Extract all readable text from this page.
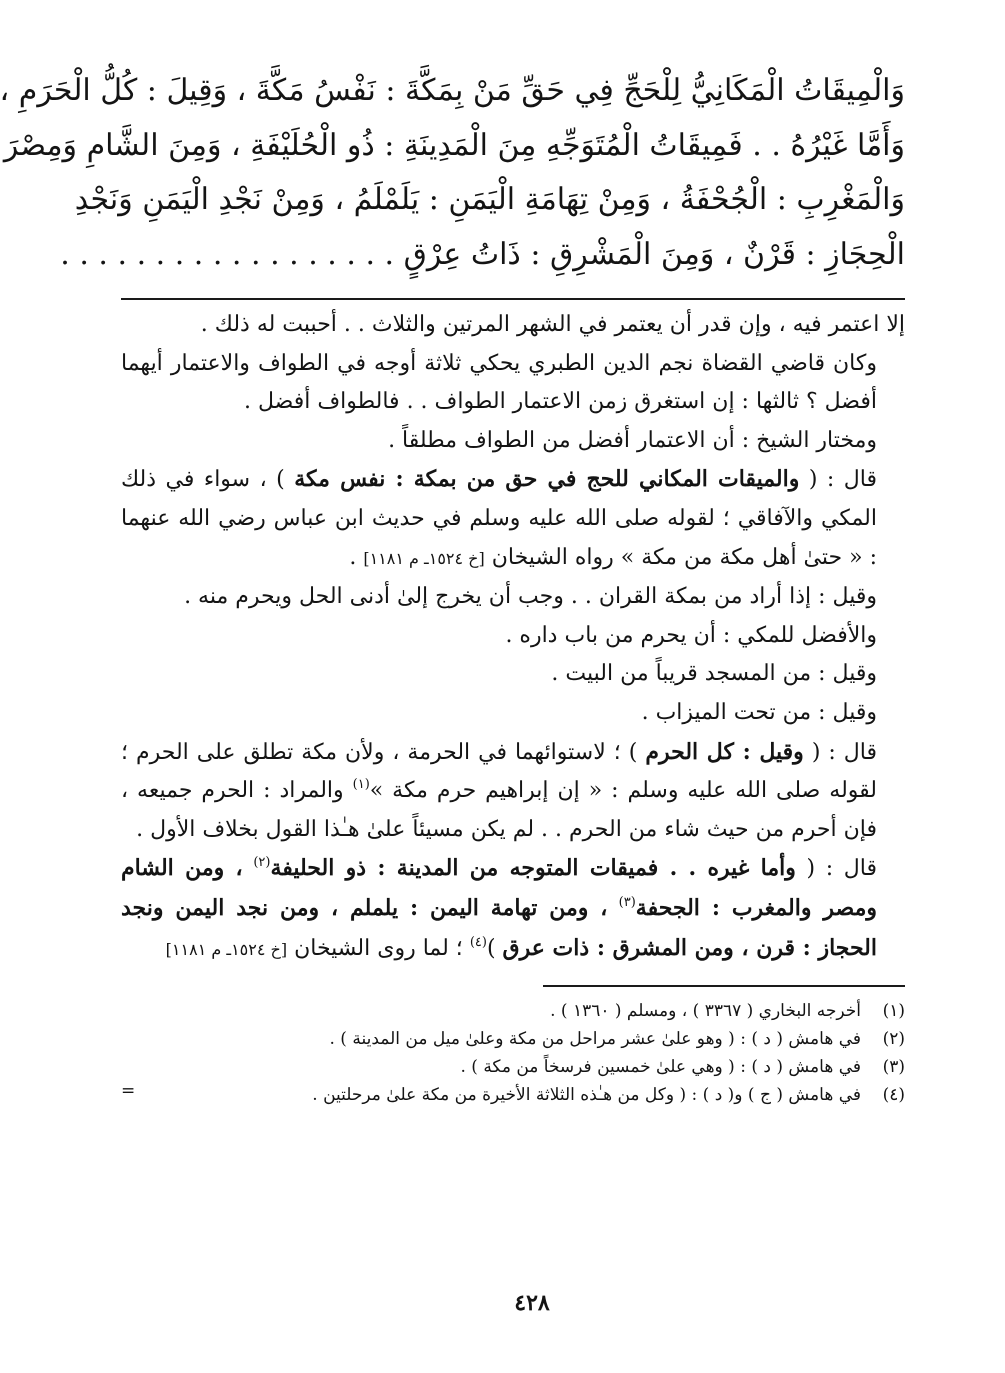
وَالْمِيقَاتُ الْمَكَانِيُّ لِلْحَجِّ فِي حَقِّ مَنْ بِمَكَّةَ : نَفْسُ مَكَّةَ ، وَقِيلَ : كُلُّ الْحَرَمِ ،
وَأَمَّا غَيْرُهُ . . فَمِيقَاتُ الْمُتَوَجِّهِ مِنَ الْمَدِينَةِ : ذُو الْحُلَيْفَةِ ، وَمِنَ الشَّامِ وَمِصْرَ
وَالْمَغْرِبِ : الْجُحْفَةُ ، وَمِنْ تِهَامَةِ الْيَمَنِ : يَلَمْلَمُ ، وَمِنْ نَجْدِ الْيَمَنِ وَنَجْدِ
الْحِجَازِ : قَرْنٌ ، وَمِنَ الْمَشْرِقِ : ذَاتُ عِرْقٍ . . . . . . . . . . . . . . . . . .

إلا اعتمر فيه ، وإن قدر أن يعتمر في الشهر المرتين والثلاث . . أحببت له ذلك .

وكان قاضي القضاة نجم الدين الطبري يحكي ثلاثة أوجه في الطواف والاعتمار أيهما أفضل ؟ ثالثها : إن استغرق زمن الاعتمار الطواف . . فالطواف أفضل .

ومختار الشيخ : أن الاعتمار أفضل من الطواف مطلقاً .

قال : ( والميقات المكاني للحج في حق من بمكة : نفس مكة ) ، سواء في ذلك المكي والآفاقي ؛ لقوله صلى الله عليه وسلم في حديث ابن عباس رضي الله عنهما : « حتىٰ أهل مكة من مكة » رواه الشيخان [خ ١٥٢٤ـ م ١١٨١] .

وقيل : إذا أراد من بمكة القران . . وجب أن يخرج إلىٰ أدنى الحل ويحرم منه .

والأفضل للمكي : أن يحرم من باب داره .

وقيل : من المسجد قريباً من البيت .

وقيل : من تحت الميزاب .

قال : ( وقيل : كل الحرم ) ؛ لاستوائهما في الحرمة ، ولأن مكة تطلق على الحرم ؛ لقوله صلى الله عليه وسلم : « إن إبراهيم حرم مكة »$^{(١)}$ والمراد : الحرم جميعه ، فإن أحرم من حيث شاء من الحرم . . لم يكن مسيئاً علىٰ هـٰذا القول بخلاف الأول .

قال : ( وأما غيره . . فميقات المتوجه من المدينة : ذو الحليفة$^{(٢)}$ ، ومن الشام ومصر والمغرب : الجحفة$^{(٣)}$ ، ومن تهامة اليمن : يلملم ، ومن نجد اليمن ونجد الحجاز : قرن ، ومن المشرق : ذات عرق )$^{(٤)}$ ؛ لما روى الشيخان [خ ١٥٢٤ـ م ١١٨١]

(١)أخرجه البخاري ( ٣٣٦٧ ) ، ومسلم ( ١٣٦٠ ) .
(٢)في هامش ( د ) : ( وهو علىٰ عشر مراحل من مكة وعلىٰ ميل من المدينة ) .
(٣)في هامش ( د ) : ( وهي علىٰ خمسين فرسخاً من مكة ) .
(٤)في هامش ( ج ) و( د ) : ( وكل من هـٰذه الثلاثة الأخيرة من مكة علىٰ مرحلتين .
=
٤٢٨
